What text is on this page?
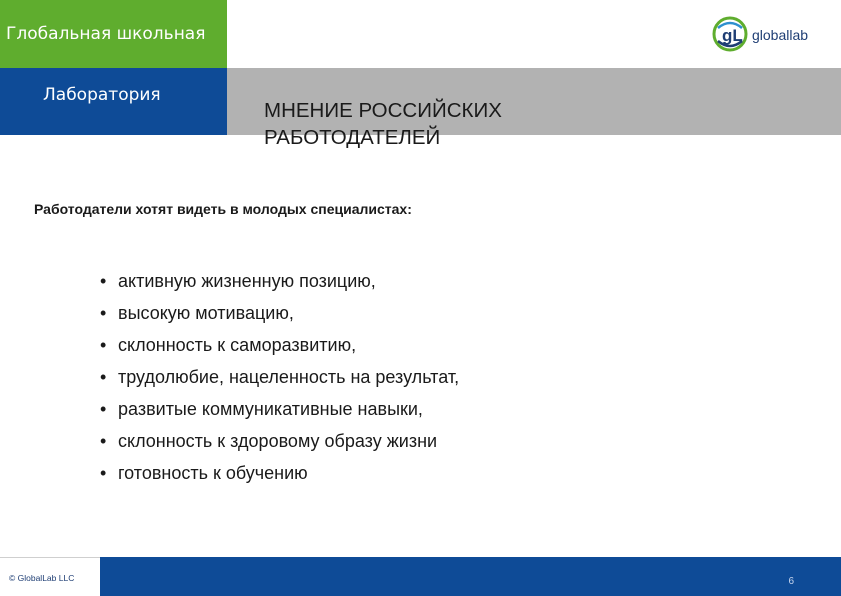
Глобальная школьная
Лаборатория
gL globallab
МНЕНИЕ РОССИЙСКИХ
РАБОТОДАТЕЛЕЙ
Работодатели хотят видеть в молодых специалистах:
• активную жизненную позицию,
• высокую мотивацию,
• склонность к саморазвитию,
• трудолюбие, нацеленность на результат,
• развитые коммуникативные навыки,
• склонность к здоровому образу жизни
• готовность к обучению
© GlobalLab LLC	6
